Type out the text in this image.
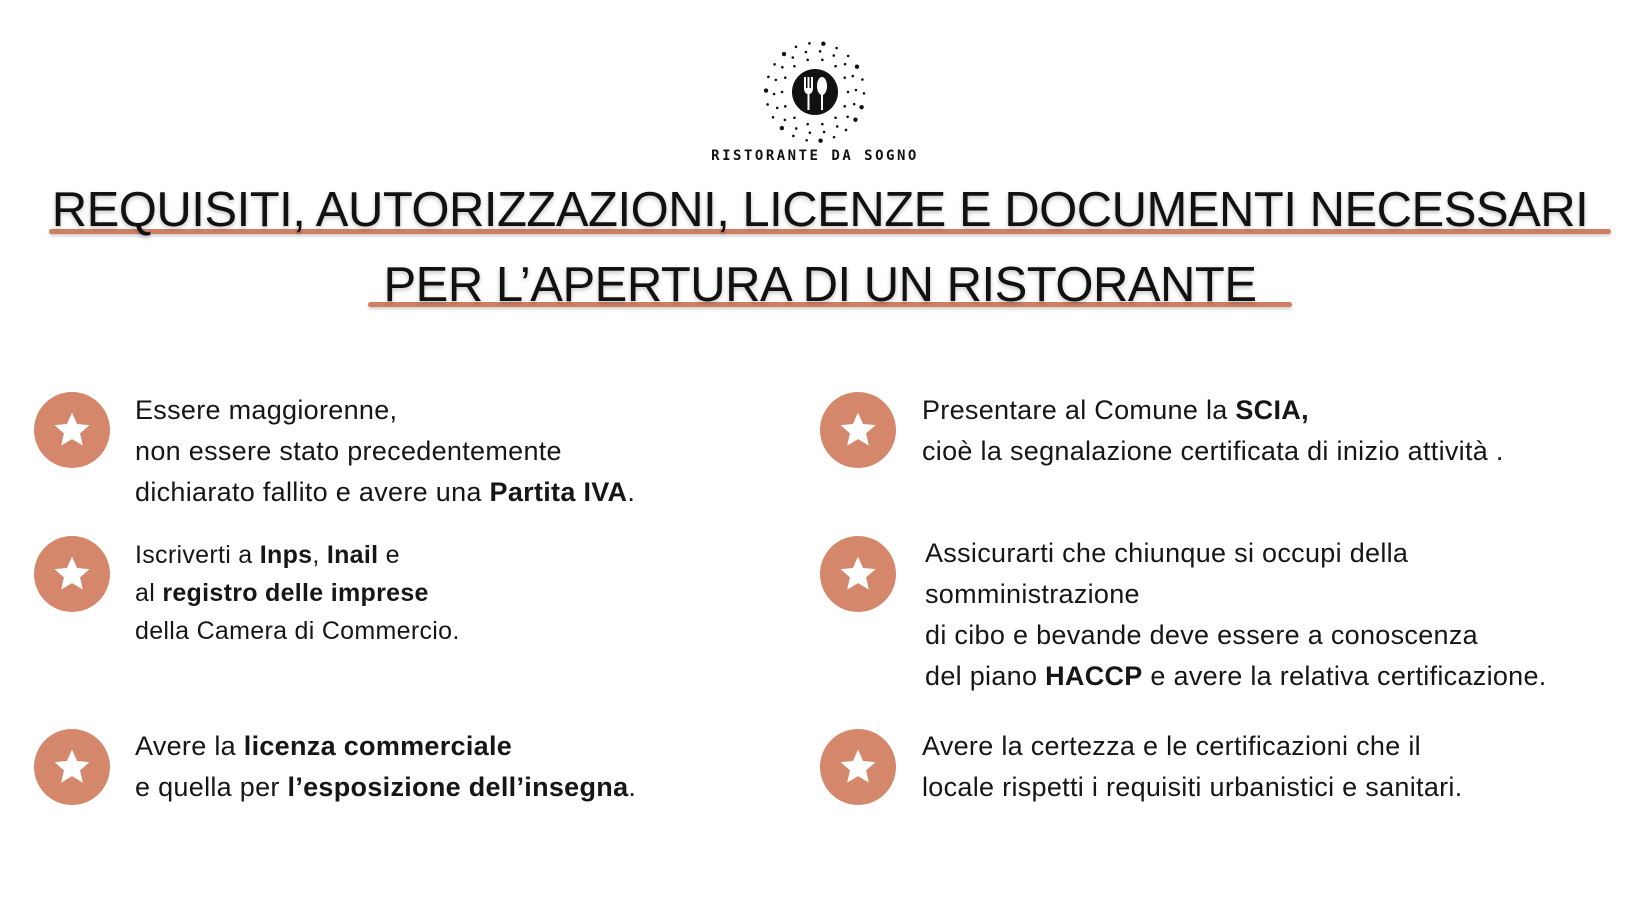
RISTORANTE DA SOGNO
REQUISITI, AUTORIZZAZIONI, LICENZE E DOCUMENTI NECESSARI
PER L’APERTURA DI UN RISTORANTE
Essere maggiorenne,
non essere stato precedentemente
dichiarato fallito e avere una Partita IVA.
Presentare al Comune la SCIA,
cioè la segnalazione certificata di inizio attività .
Iscriverti a Inps, Inail e
al registro delle imprese
della Camera di Commercio.
Assicurarti che chiunque si occupi della
somministrazione
di cibo e bevande deve essere a conoscenza
del piano HACCP e avere la relativa certificazione.
Avere la licenza commerciale
e quella per l’esposizione dell’insegna.
Avere la certezza e le certificazioni che il
locale rispetti i requisiti urbanistici e sanitari.
